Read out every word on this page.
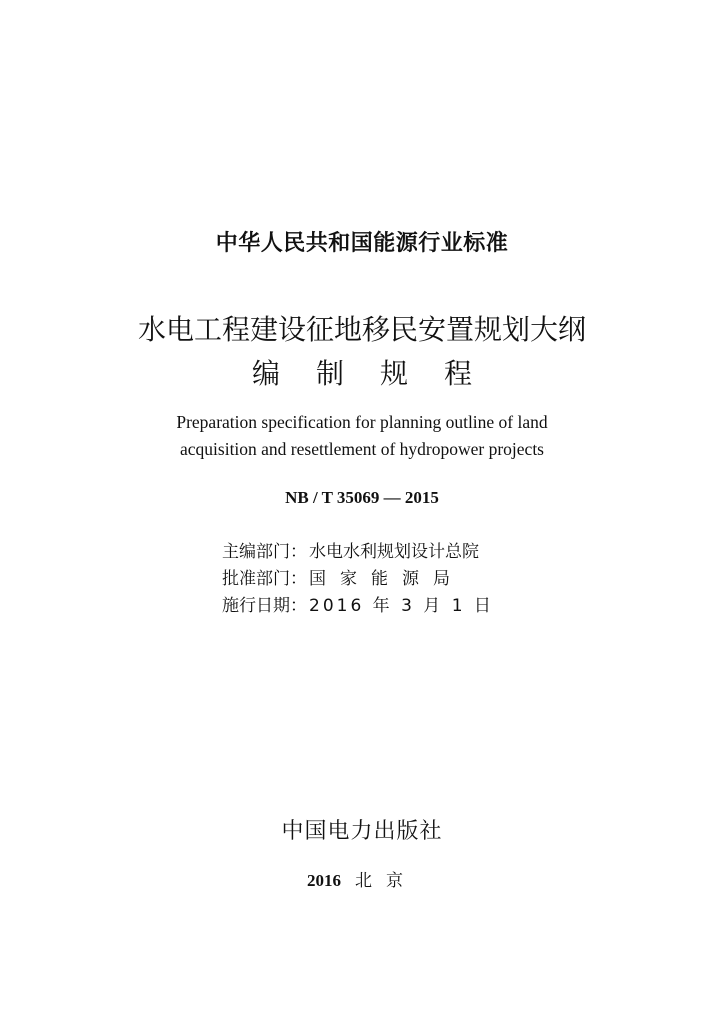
中华人民共和国能源行业标准
水电工程建设征地移民安置规划大纲
编 制 规 程
Preparation specification for planning outline of land
acquisition and resettlement of hydropower projects
NB / T 35069 — 2015
主编部门： 水电水利规划设计总院
批准部门： 国家能源局
施行日期： 2016 年 3 月 1 日
中国电力出版社
2016 北京
